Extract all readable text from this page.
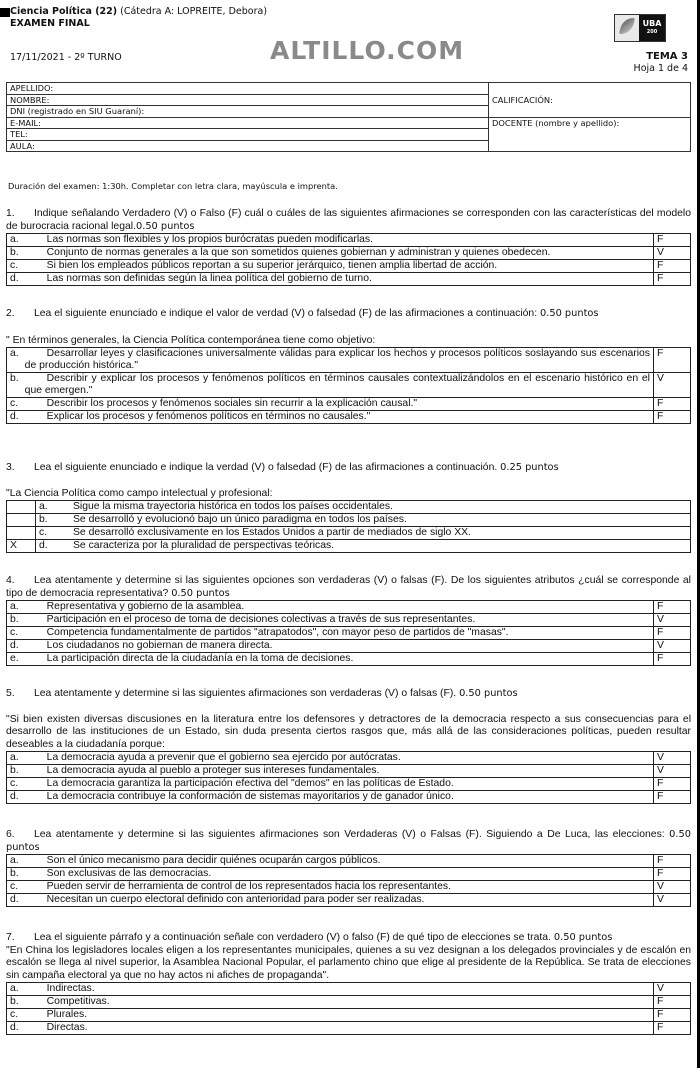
Ciencia Política (22) (Cátedra A: LOPREITE, Debora)
EXAMEN FINAL
17/11/2021 - 2º TURNO	ALTILLO.COM
UBA
200
TEMA 3
Hoja 1 de 4
APELLIDO:	CALIFICACIÓN:
NOMBRE:	
DNI (registrado en SIU Guaraní):	
E-MAIL:	DOCENTE (nombre y apellido):
TEL:	
AULA:	
Duración del examen: 1:30h. Completar con letra clara, mayúscula e imprenta.
1. Indique señalando Verdadero (V) o Falso (F) cuál o cuáles de las siguientes afirmaciones se corresponden con las características del modelo de burocracia racional legal.0.50 puntos
a.	Las normas son flexibles y los propios burócratas pueden modificarlas.	F
b.	Conjunto de normas generales a la que son sometidos quienes gobiernan y administran y quienes obedecen.	V
c.	Si bien los empleados públicos reportan a su superior jerárquico, tienen amplia libertad de acción.	F
d.	Las normas son definidas según la linea política del gobierno de turno.	F
2. Lea el siguiente enunciado e indique el valor de verdad (V) o falsedad (F) de las afirmaciones a continuación: 0.50 puntos
" En términos generales, la Ciencia Política contemporánea tiene como objetivo:
a.	Desarrollar leyes y clasificaciones universalmente válidas para explicar los hechos y procesos políticos soslayando sus escenarios de producción histórica."	F
b.	Describir y explicar los procesos y fenómenos políticos en términos causales contextualizándolos en el escenario histórico en el que emergen."	V
c.	Describir los procesos y fenómenos sociales sin recurrir a la explicación causal."	F
d.	Explicar los procesos y fenómenos políticos en términos no causales."	F
3. Lea el siguiente enunciado e indique la verdad (V) o falsedad (F) de las afirmaciones a continuación. 0.25 puntos
"La Ciencia Política como campo intelectual y profesional:
	a.	Sigue la misma trayectoria histórica en todos los países occidentales.
	b.	Se desarrolló y evolucionó bajo un único paradigma en todos los países.
	c.	Se desarrolló exclusivamente en los Estados Unidos a partir de mediados de siglo XX.
X	d.	Se caracteriza por la pluralidad de perspectivas teóricas.
4. Lea atentamente y determine si las siguientes opciones son verdaderas (V) o falsas (F). De los siguientes atributos ¿cuál se corresponde al tipo de democracia representativa? 0.50 puntos
a.	Representativa y gobierno de la asamblea.	F
b.	Participación en el proceso de toma de decisiones colectivas a través de sus representantes.	V
c.	Competencia fundamentalmente de partidos "atrapatodos", con mayor peso de partidos de "masas".	F
d.	Los ciudadanos no gobiernan de manera directa.	V
e.	La participación directa de la ciudadanía en la toma de decisiones.	F
5. Lea atentamente y determine si las siguientes afirmaciones son verdaderas (V) o falsas (F). 0.50 puntos
"Si bien existen diversas discusiones en la literatura entre los defensores y detractores de la democracia respecto a sus consecuencias para el desarrollo de las instituciones de un Estado, sin duda presenta ciertos rasgos que, más allá de las consideraciones políticas, pueden resultar deseables a la ciudadanía porque:
a.	La democracia ayuda a prevenir que el gobierno sea ejercido por autócratas.	V
b.	La democracia ayuda al pueblo a proteger sus intereses fundamentales.	V
c.	La democracia garantiza la participación efectiva del "demos" en las políticas de Estado.	F
d.	La democracia contribuye la conformación de sistemas mayoritarios y de ganador único.	F
6. Lea atentamente y determine si las siguientes afirmaciones son Verdaderas (V) o Falsas (F). Siguiendo a De Luca, las elecciones: 0.50 puntos
a.	Son el único mecanismo para decidir quiénes ocuparán cargos públicos.	F
b.	Son exclusivas de las democracias.	F
c.	Pueden servir de herramienta de control de los representados hacia los representantes.	V
d.	Necesitan un cuerpo electoral definido con anterioridad para poder ser realizadas.	V
7. Lea el siguiente párrafo y a continuación señale con verdadero (V) o falso (F) de qué tipo de elecciones se trata. 0.50 puntos
"En China los legisladores locales eligen a los representantes municipales, quienes a su vez designan a los delegados provinciales y de escalón en escalón se llega al nivel superior, la Asamblea Nacional Popular, el parlamento chino que elige al presidente de la República. Se trata de elecciones sin campaña electoral ya que no hay actos ni afiches de propaganda".
a.	Indirectas.	V
b.	Competitivas.	F
c.	Plurales.	F
d.	Directas.	F
